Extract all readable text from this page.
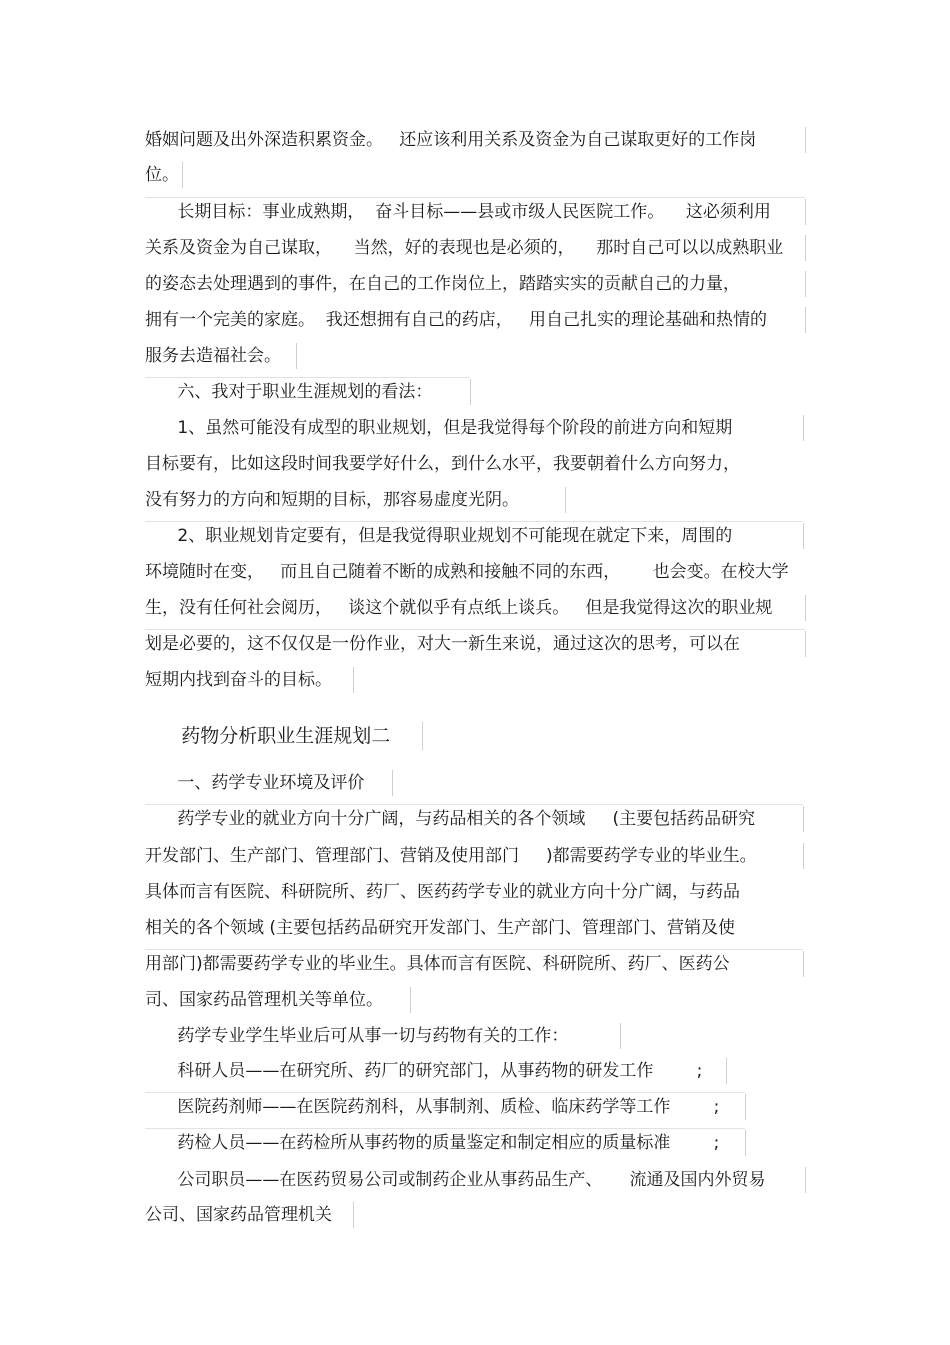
婚姻问题及出外深造积累资金。   还应该利用关系及资金为自己谋取更好的工作岗
位。
长期目标：事业成熟期，  奋斗目标——县或市级人民医院工作。    这必须利用
关系及资金为自己谋取，    当然，好的表现也是必须的，    那时自己可以以成熟职业
的姿态去处理遇到的事件，在自己的工作岗位上，踏踏实实的贡献自己的力量，
拥有一个完美的家庭。  我还想拥有自己的药店，   用自己扎实的理论基础和热情的
服务去造福社会。
六、我对于职业生涯规划的看法：
1、虽然可能没有成型的职业规划，但是我觉得每个阶段的前进方向和短期
目标要有，比如这段时间我要学好什么，到什么水平，我要朝着什么方向努力，
没有努力的方向和短期的目标，那容易虚度光阴。
2、职业规划肯定要有，但是我觉得职业规划不可能现在就定下来，周围的
环境随时在变，   而且自己随着不断的成熟和接触不同的东西，      也会变。在校大学
生，没有任何社会阅历，   谈这个就似乎有点纸上谈兵。   但是我觉得这次的职业规
划是必要的，这不仅仅是一份作业，对大一新生来说，通过这次的思考，可以在
短期内找到奋斗的目标。
药物分析职业生涯规划二
一、药学专业环境及评价
药学专业的就业方向十分广阔，与药品相关的各个领域     (主要包括药品研究
开发部门、生产部门、管理部门、营销及使用部门     )都需要药学专业的毕业生。
具体而言有医院、科研院所、药厂、医药药学专业的就业方向十分广阔，与药品
相关的各个领域 (主要包括药品研究开发部门、生产部门、管理部门、营销及使
用部门)都需要药学专业的毕业生。具体而言有医院、科研院所、药厂、医药公
司、国家药品管理机关等单位。
药学专业学生毕业后可从事一切与药物有关的工作：
科研人员——在研究所、药厂的研究部门，从事药物的研发工作        ;
医院药剂师——在医院药剂科，从事制剂、质检、临床药学等工作        ;
药检人员——在药检所从事药物的质量鉴定和制定相应的质量标准        ;
公司职员——在医药贸易公司或制药企业从事药品生产、     流通及国内外贸易
公司、国家药品管理机关
